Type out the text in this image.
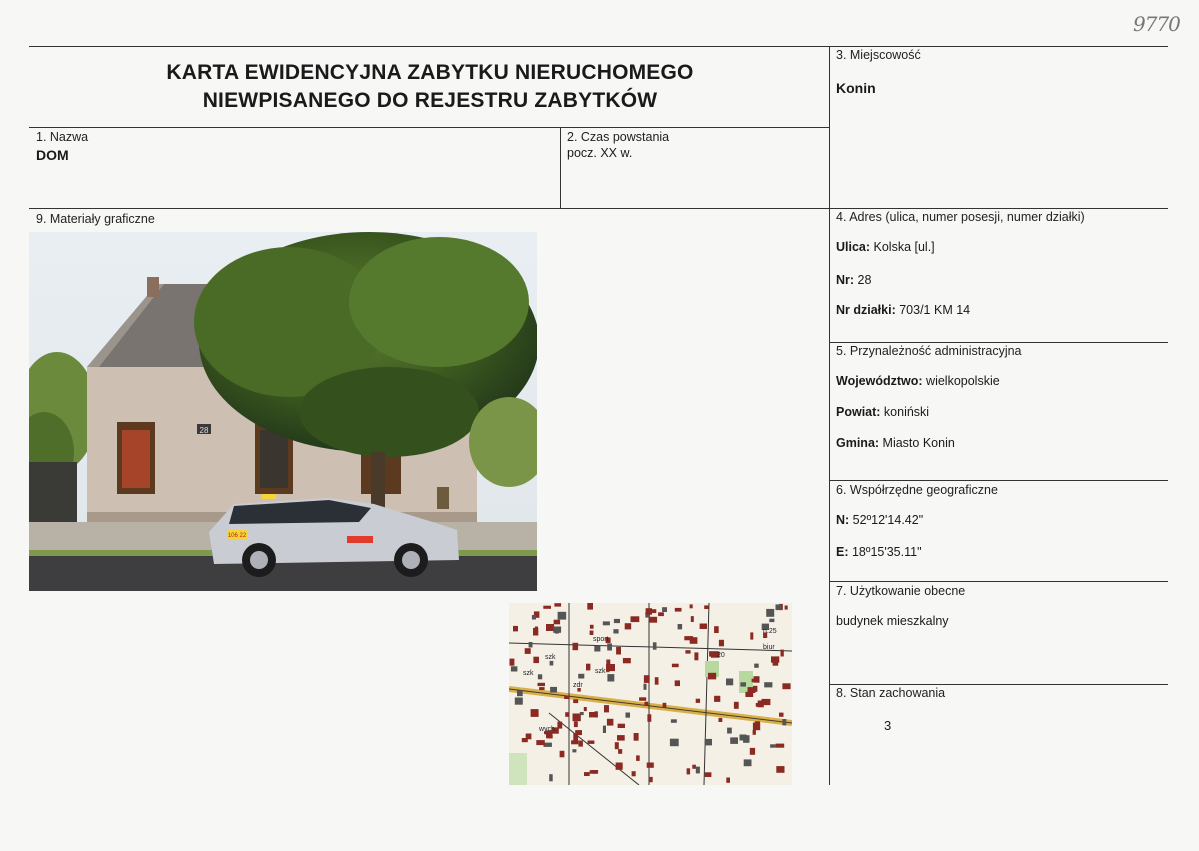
9770
KARTA EWIDENCYJNA ZABYTKU NIERUCHOMEGO
NIEWPISANEGO DO REJESTRU ZABYTKÓW
1. Nazwa
DOM
2. Czas powstania
pocz. XX w.
3. Miejscowość
Konin
4. Adres (ulica, numer posesji, numer działki)
Ulica: Kolska [ul.]
Nr: 28
Nr działki: 703/1 KM 14
5. Przynależność administracyjna
Województwo: wielkopolskie
Powiat: koniński
Gmina: Miasto Konin
6. Współrzędne geograficzne
N: 52º12'14.42"
E: 18º15'35.11"
7. Użytkowanie obecne
budynek mieszkalny
8. Stan zachowania
3
9. Materiały graficzne
28
106 22
szk
szk	szk
sport
zdr
wych
biur
n.25
20
